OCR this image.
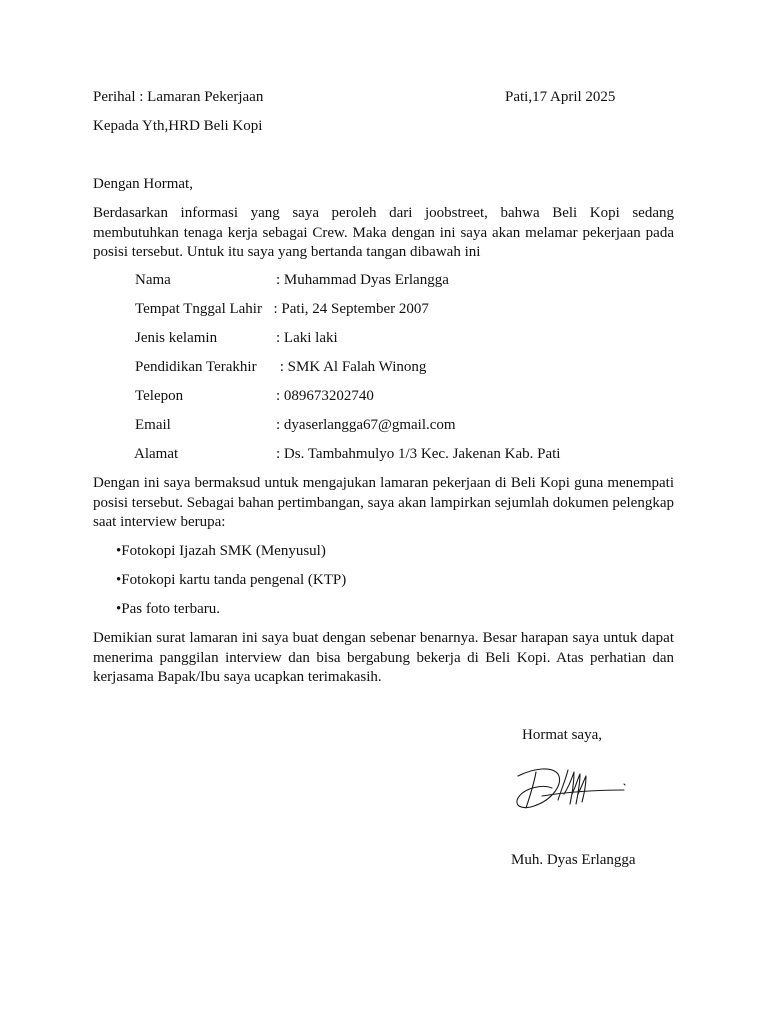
Perihal : Lamaran Pekerjaan	Pati,17 April 2025
Kepada Yth,HRD Beli Kopi
Dengan Hormat,
Berdasarkan informasi yang saya peroleh dari joobstreet, bahwa Beli Kopi sedang membutuhkan tenaga kerja sebagai Crew. Maka dengan ini saya akan melamar pekerjaan pada posisi tersebut. Untuk itu saya yang bertanda tangan dibawah ini
Nama	: Muhammad Dyas Erlangga
Tempat Tnggal Lahir : Pati, 24 September 2007
Jenis kelamin	: Laki laki
Pendidikan Terakhir : SMK Al Falah Winong
Telepon	: 089673202740
Email	: dyaserlangga67@gmail.com
Alamat	: Ds. Tambahmulyo 1/3 Kec. Jakenan Kab. Pati
Dengan ini saya bermaksud untuk mengajukan lamaran pekerjaan di Beli Kopi guna menempati posisi tersebut. Sebagai bahan pertimbangan, saya akan lampirkan sejumlah dokumen pelengkap saat interview berupa:
•Fotokopi Ijazah SMK (Menyusul)
•Fotokopi kartu tanda pengenal (KTP)
•Pas foto terbaru.
Demikian surat lamaran ini saya buat dengan sebenar benarnya. Besar harapan saya untuk dapat menerima panggilan interview dan bisa bergabung bekerja di Beli Kopi. Atas perhatian dan kerjasama Bapak/Ibu saya ucapkan terimakasih.
Hormat saya,
Muh. Dyas Erlangga
